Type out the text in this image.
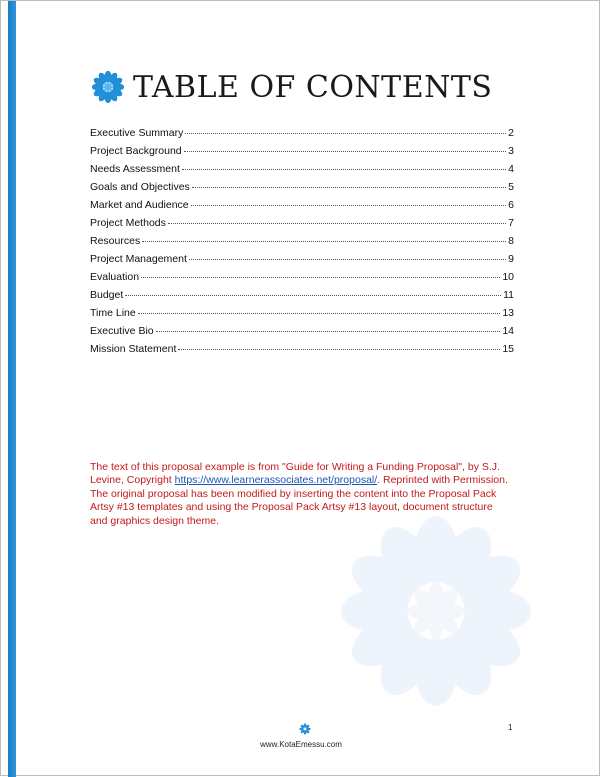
TABLE OF CONTENTS
Executive Summary	2
Project Background	3
Needs Assessment	4
Goals and Objectives	5
Market and Audience	6
Project Methods	7
Resources	8
Project Management	9
Evaluation	10
Budget	11
Time Line	13
Executive Bio	14
Mission Statement	15
The text of this proposal example is from "Guide for Writing a Funding Proposal", by S.J. Levine, Copyright https://www.learnerassociates.net/proposal/. Reprinted with Permission. The original proposal has been modified by inserting the content into the Proposal Pack Artsy #13 templates and using the Proposal Pack Artsy #13 layout, document structure and graphics design theme.
www.KotaEmessu.com
1
